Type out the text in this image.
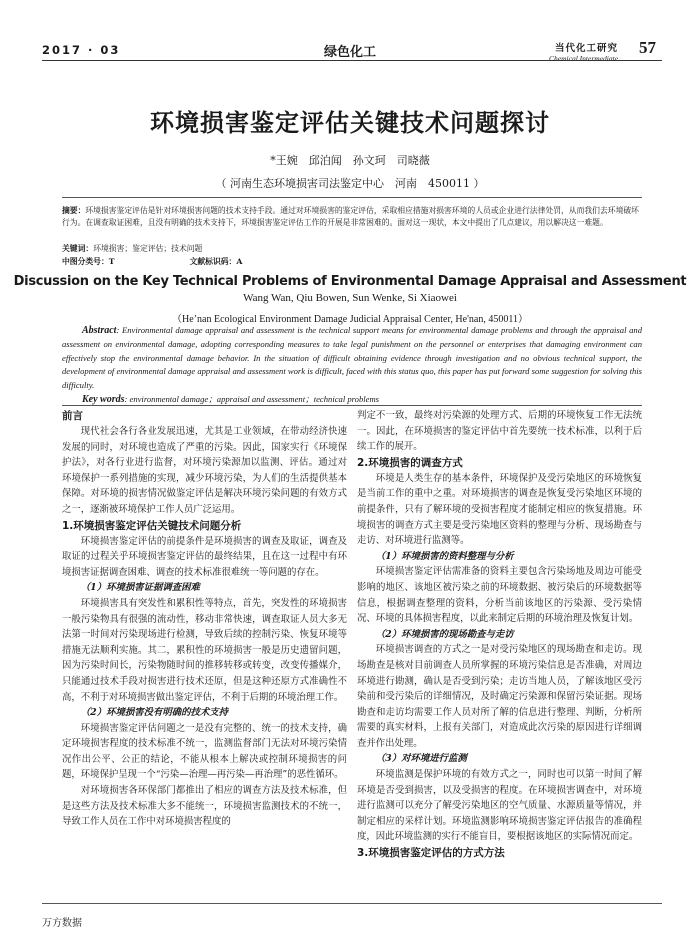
2017 · 03	绿色化工	当代化工研究
Chemical Intermediate
57
环境损害鉴定评估关键技术问题探讨
*王婉　邱泊闻　孙文珂　司晓薇
（ 河南生态环境损害司法鉴定中心　河南　450011 ）
摘要：环境损害鉴定评估是针对环境损害问题的技术支持手段。通过对环境损害的鉴定评估，采取相应措施对损害环境的人员或企业进行法律处罚，从而我们去环境破坏行为。在调查取证困难，且没有明确的技术支持下，环境损害鉴定评估工作的开展是非常困难的。面对这一现状，本文中提出了几点建议，用以解决这一难题。
关键词：环境损害；鉴定评估；技术问题
中图分类号：T	文献标识码：A
Discussion on the Key Technical Problems of Environmental Damage Appraisal and Assessment
Wang Wan, Qiu Bowen, Sun Wenke, Si Xiaowei
（He’nan Ecological Environment Damage Judicial Appraisal Center, He'nan, 450011）
Abstract: Environmental damage appraisal and assessment is the technical support means for environmental damage problems and through the appraisal and assessment on environmental damage, adopting corresponding measures to take legal punishment on the personnel or enterprises that damaging environment can effectively stop the environmental damage behavior. In the situation of difficult obtaining evidence through investigation and no obvious technical support, the development of environmental damage appraisal and assessment work is difficult, faced with this status quo, this paper has put forward some suggestion for solving this difficulty.
Key words: environmental damage；appraisal and assessment；technical problems
前言

现代社会各行各业发展迅速，尤其是工业领域，在带动经济快速发展的同时，对环境也造成了严重的污染。因此，国家实行《环境保护法》，对各行业进行监督，对环境污染源加以监测、评估。通过对环境保护一系列措施的实现，减少环境污染，为人们的生活提供基本保障。对环境的损害情况做鉴定评估是解决环境污染问题的有效方式之一，逐渐被环境保护工作人员广泛运用。

1.环境损害鉴定评估关键技术问题分析

环境损害鉴定评估的前提条件是环境损害的调查及取证，调查及取证的过程关乎环境损害鉴定评估的最终结果，且在这一过程中有环境损害证据调查困难、调查的技术标准很难统一等问题的存在。

（1）环境损害证据调查困难

环境损害具有突发性和累积性等特点，首先，突发性的环境损害一般污染物具有很强的流动性，移动非常快速，调查取证人员大多无法第一时间对污染现场进行检测，导致后续的控制污染、恢复环境等措施无法顺利实施。其二，累积性的环境损害一般是历史遗留问题，因为污染时间长，污染物随时间的推移转移或转变，改变传播媒介，只能通过技术手段对损害进行技术还原，但是这种还原方式准确性不高，不利于对环境损害做出鉴定评估，不利于后期的环境治理工作。

（2）环境损害没有明确的技术支持

环境损害鉴定评估问题之一是没有完整的、统一的技术支持，确定环境损害程度的技术标准不统一，监测监督部门无法对环境污染情况作出公平、公正的结论，不能从根本上解决或控制环境损害的问题，环境保护呈现一个“污染—治理—再污染—再治理”的恶性循环。

对环境损害各环保部门都推出了相应的调查方法及技术标准，但是这些方法及技术标准大多不能统一，环境损害监测技术的不统一，导致工作人员在工作中对环境损害程度的

判定不一致，最终对污染源的处理方式、后期的环境恢复工作无法统一。因此，在环境损害的鉴定评估中首先要统一技术标准，以利于后续工作的展开。

2.环境损害的调查方式

环境是人类生存的基本条件，环境保护及受污染地区的环境恢复是当前工作的重中之重。对环境损害的调查是恢复受污染地区环境的前提条件，只有了解环境的受损害程度才能制定相应的恢复措施。环境损害的调查方式主要是受污染地区资料的整理与分析、现场勘查与走访、对环境进行监测等。

（1）环境损害的资料整理与分析

环境损害鉴定评估需准备的资料主要包含污染场地及周边可能受影响的地区、该地区被污染之前的环境数据、被污染后的环境数据等信息，根据调查整理的资料，分析当前该地区的污染源、受污染情况、环境的具体损害程度，以此来制定后期的环境治理及恢复计划。

（2）环境损害的现场勘查与走访

环境损害调查的方式之一是对受污染地区的现场勘查和走访。现场勘查是核对目前调查人员所掌握的环境污染信息是否准确，对周边环境进行勘测，确认是否受到污染；走访当地人员，了解该地区受污染前和受污染后的详细情况，及时确定污染源和保留污染证据。现场勘查和走访均需要工作人员对所了解的信息进行整理、判断，分析所需要的真实材料，上报有关部门，对造成此次污染的原因进行详细调查并作出处理。

（3）对环境进行监测

环境监测是保护环境的有效方式之一，同时也可以第一时间了解环境是否受到损害，以及受损害的程度。在环境损害调查中，对环境进行监测可以充分了解受污染地区的空气质量、水源质量等情况，并制定相应的采样计划。环境监测影响环境损害鉴定评估报告的准确程度，因此环境监测的实行不能盲目，要根据该地区的实际情况而定。

3.环境损害鉴定评估的方式方法
万方数据
